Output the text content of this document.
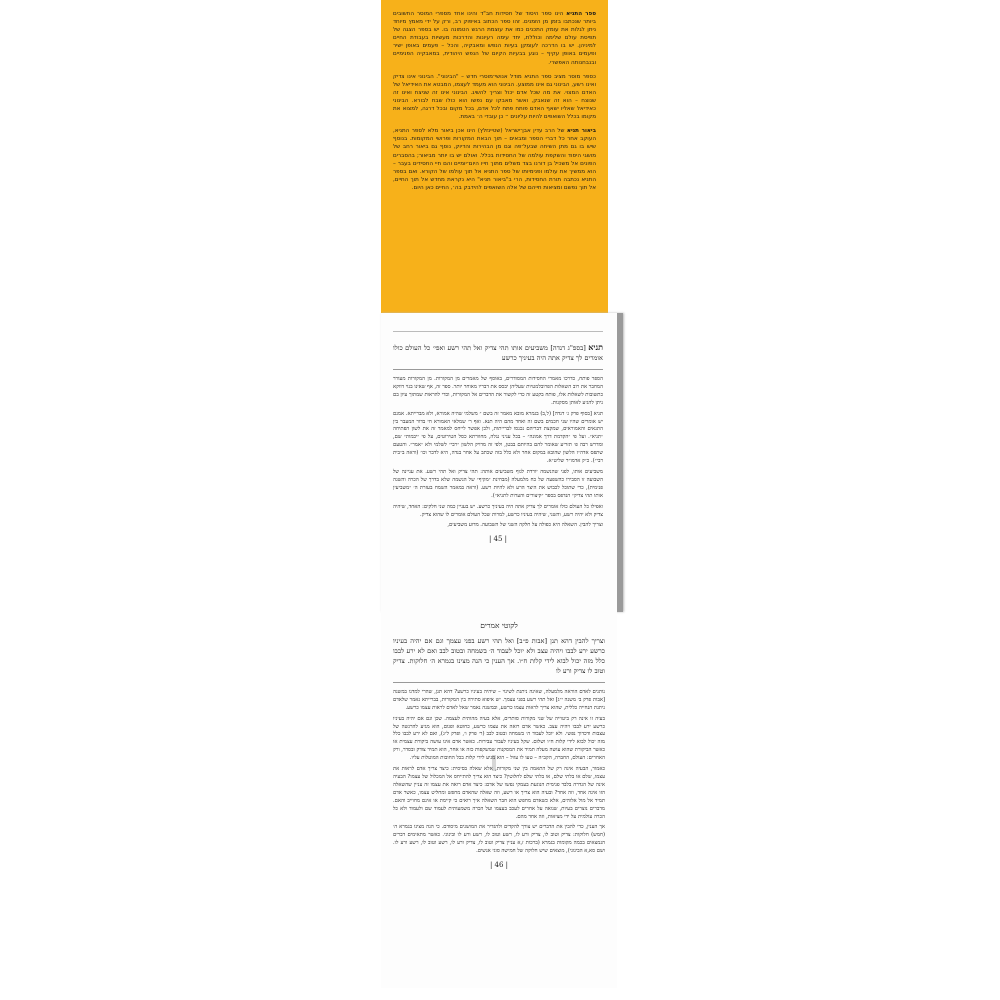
ספר התניא הינו ספר היסוד של חסידות חב"ד והינו אחד מספרי המוסר החשובים ביותר שנכתבו בזמן מן הזמנים. זהו ספר הכתוב באיפוק רב, ורק על ידי מאמץ מיוחד ניתן לגלות את עומק התכנים כמו את עוצמת הרגש הטמונה בו. יש בספר הצגה של תפיסת עולם שלימה וכוללת, יחד עימה רעיונות והדרכות מעשיות בעבודת החיים למיניהן. יש בו הדרכה לעומקן בעיות הנפש ומאבקיה, והכל – פעמים באופן ישיר ופעמים באופן עקיף – נוגע בבעיות הקיום של הנפש היהודית, במאבקיה הפנימיים ובנבחנותה האפשרי.

כספר מוסר מציב ספר התניא מודל אנושי־מוסרי חדש – "הבינוני". הבינוני אינו צדיק ואינו רשע, הבינוני גם אינו ממוצע. הבינוני הוא מעמד לעצמו, המבטא את האידיאל של האדם המצוי. את מה שכל אדם יכול וצריך להשיג. הבינוני אינו זה שניצח ואינו זה שנוצח – הוא זה שנאבק, ואשר מאבקו עם נפשו הוא כולו שבח לבורא. הבינוני כאידיאל שאליו ישאף האדם פותח פתח לכל אדם, בכל מקום ובכל דרגה, למצוא את מקומו בכלל השואפים להיות עליונים ״ כן עובדי ה׳ באמת.

ביאור תניא של הרב עדין אבן־ישראל (שטיינזלץ) הינו אכן ביאור מלא לספר התניא, העוקב אחר כל דברי הספר ומבאים – תוך הבאת המקורות ופרושי המקומות. בנוסף שיש בו גם מתן השיחה שבעל־פה וגם מן הבהירות והדיוק, נוסף גם ביאור רחב של מושגי היסוד והשקפת עולמה של החסידות בכלל. ואולם יש בו יותר מביאור; בהסברים הפונים אל משכיל בן דורנו בצד משלים מתוך חייו היום־יומיים והם חיי החסידים בעבר – הוא ממשיך את עולמו ופנימיותו של ספר התניא אל תוך עולמו של הקורא. ואם בספר התניא נכתבה תורת החסידות, הרי ב"ביאור תניא" היא נקראת מחדש אל תוך החיים, אל תוך נפשם ומציאות חייהם של אלה השואפים להידבק בה׳, החיים כאן היום.

תניא [בספ"ג דנדה] משביעים אותו תהי צדיק ואל תהי רשע ואפי׳ כל העולם כולו אומרים לך צדיק אתה היה בעיניך כרשע

הספר פותח, כדרכו מאמרי החסידות המסודרים, באוסף של מאמרים מן המקורות. מן המקורות מעורר המחבר את רוב השאלות הפרובלמטיות שעליהן יבסס את דבריו מאוחר יותר. ספר זה, אף שאינו בנוי דווקא כתשובות לשאלות אלו, פותח בקטע זה כדי לקשור את הדברים אל המקורות, וכדי להראות שמתוך עיון בם ניתן להגיע לאותן מסקנות.

תניא [בסוף פרק ג׳ דנדה] (ל,ב) בגמרא מובא מאמר זה בשם ״ משלמי שהיה אמורא, ולא מברייתא. אמנם יש אומרים שהיו שני חכמים בשם זה ואחד מהם היה תנא. ואף ר׳ שמלאי האמורא חי בדור המעבר בין התנאים והאמוראים, שמקצת דבריהם נכנסו לברייתות, ולכן אפשר לייחס למאמר זה את לשון הפתיחה ״תניא״. ועל פי ״הקדמת דרך אמונה״ – בכל עניני נגלה, מחוורתא כסל הטירוטים, על פי ״יבמות״ שם, ומדרש רבה פ׳ תזריע שאומר להם בהיותם בבטן, ולפי זה מדויק הלשון ״רבי״ לשלמי ולא ״אמר״. והטעם שתפס אדה״ז הלשון שהובא במקום אחר ולא כלל בזה שכתב על אחר בנדה, היא לדבר וכו׳ (וראה ב״בית רבי״). כ״ק אדמו״ר שליט״א.

משביעים אותו, לפני שהנשמה יורדת לגוף משביעים אותה: תהי צדיק ואל תהי רשע. את עניינה של השבועה זו הסבירו כהשפעה של כח מלמעלה (מבחינת ״מקיף״ של הנשמה שלא בדרך של הכרה והשגה פנימית), כדי שתוכל לכבוש את היצר הרע ולא להיות רשע. (וראה במאמר השמח בעזרת ה׳ ״משביעין אותו תהי צדיק״ הנדפס בספר ״קיצורים והערות לתניא״).

ואפילו כל העולם כולו אומרים לך צדיק אתה היה בעיניך כרשע. יש בעניין כמה שני חלקים: האחד, שיהיה צדיק ולא יהיה רשע, והשני, שיהיה בעיניו כרשע, למרות שכל העולם אומרים לו שהוא צדיק.

וצריך להבין. השאלה היא כפולה על חלקה השני של השבועה. מדוע משביעים,

| 45 |
לקוטי אמרים
וצריך להבין דהא תנן [אבות פ״ב] ואל תהי רשע בפני עצמך וגם אם יהיה בעיניו כרשע ירע לבבו ויהיה עצב ולא יוכל לעבוד ה׳ בשמחה ובטוב לבב ואם לא ירע לבבו כלל מזה יכול לבוא לידי קלות ח״ו. אך הענין כי הנה מצינו בגמרא ה׳ חלוקות. צדיק וטוב לו צדיק ורע לו

נותנים לאדם הוראה מלמעלה, שאינה ניתנת לשינוי – שיהיה בעיניו כרשע? דהא תנן, שהרי למדנו במשנה [אבות פרק ב׳ משנה י״ג] ואל תהי רשע בפני עצמך. יש איפוא סתירה בין המקורות, בברייתא נאמר שלאדם ניתנת הנחייה כללית, שהוא צריך לראות עצמו כרשע, ובמשנה נאמר שאל לאדם לראות עצמו כרשע.

בעיה זו אינה רק ביטוייה של שני מקורות סותרים, אלא בעיה מהותית לעצמה. שכן וגם אם יהיה בעיניו כרשע ירע לבבו ויהיה עצב. כאשר אדם רואה את עצמו כרשע, כחוטא ופגום, הוא מגיע להרגשה של עצבות ודכדוך נפשי. ולא יוכל לעבוד ה׳ בשמחה ובטוב לבב (ר׳ פרק ו׳, ופרק ל״ג), ואם לא ירע לבבו כלל מזה יכול לבוא לידי קלות ח״ו ושלום. שקל בעיניו לעבור עבירות. כאשר אדם אינו עושה ביקורת עצמית או כאשר הביקורת שהוא עושה מעלה תמיד את המסקנות שמשקפות כזה או אחר, הוא תמיד צודק ובסדר, ורק האחרים: העולם, החברה, הקב״ה – טעו לו עוול – הוא מגיע לידי קלות בכל החובות המוטלות עליו.

כאמור, הבעיה אינה רק של התאמה בין שני מקורות, אלא שאלה בסיסית: כיצד צריך אדם לראות את עצמו, שלם או בלתי שלם, או בלתי שלם לחלוטין? כיצד הוא צריך להתייחס אל המכלול של עצמו? הבעיה אינה של הגדרה בלבד פנימית הנוגעת בעמקי נפשו של אדם: כיצד אדם רואה את עצמו זה עניין שהשאלה הזו אינה אחד, וזה אחד? ובעיה הוא צריך או רשע, וזה שאלה שהאדם מחפש ומחליט עצמו, כאשר אדם תמיד אל מול אלוהים, אלא כשאדם מחפש הוא חבר השאלה איך רואים כי קיימת או אינם מחוייב והאם. מדברים נוצרים בעיות, שנואה על אחרים לעכב בעצמו ועל הכרה משמעותית לעמוד שם ולעמוד ולא כל הכרה עולמית על ידי מציאות, וזה אחד מהם.

אך הענין, כדי להבין את הדברים יש צורך להקדים ולהגדיר את המושגים מיסודם. כי הנה מצינו בגמרא ה׳ (חמש) חלוקות: צדיק וטוב לו, צדיק ורע לו, רשע וטוב לו, רשע ורע לו ובינוני. כאשר מתאימים דברים הנמצאים בכמה מקומות בגמרא (ברכות ז,א עניין צדיק וטוב לו, צדיק ורע לו, רשע וטוב לו, רשע ורע לו. ושם סא,א הבינוני), מוצאים שיש חלוקה של חמישה סוגי אנשים.

| 46 |
